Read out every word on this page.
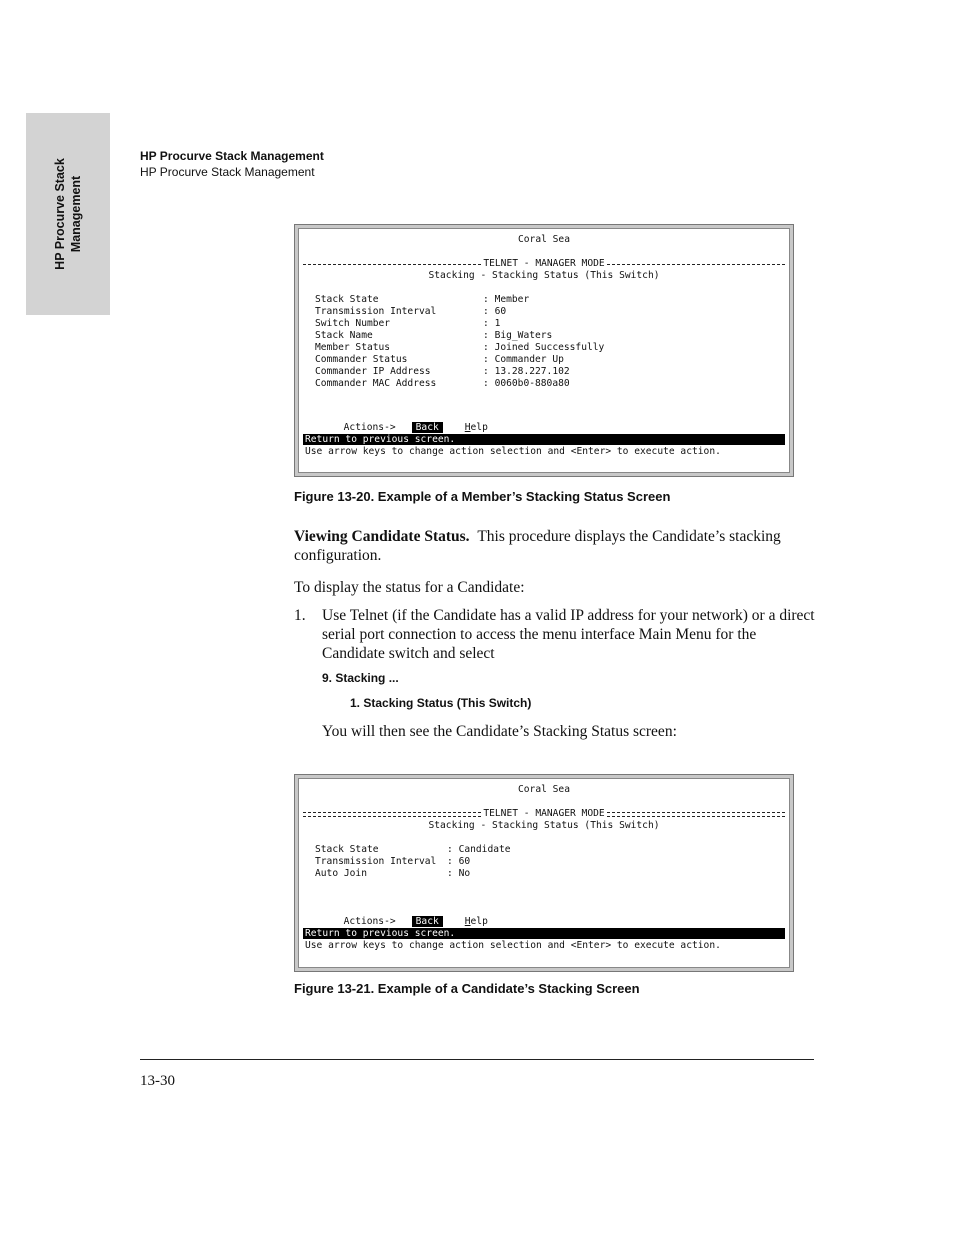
HP Procurve Stack Management
HP Procurve Stack Management
HP Procurve Stack Management
Coral Sea
TELNET - MANAGER MODE
Stacking - Stacking Status (This Switch)
Stack State	: Member
Transmission Interval	: 60
Switch Number	: 1
Stack Name	: Big_Waters
Member Status	: Joined Successfully
Commander Status	: Commander Up
Commander IP Address	: 13.28.227.102
Commander MAC Address	: 0060b0-880a80

Actions-> Back	Help

Return to previous screen.
Use arrow keys to change action selection and <Enter> to execute action.
Figure 13-20. Example of a Member’s Stacking Status Screen

Viewing Candidate Status. This procedure displays the Candidate’s stacking configuration.

To display the status for a Candidate:

1. Use Telnet (if the Candidate has a valid IP address for your network) or a direct serial port connection to access the menu interface Main Menu for the Candidate switch and select

9. Stacking ...
1. Stacking Status (This Switch)

You will then see the Candidate’s Stacking Status screen:

Coral Sea
TELNET - MANAGER MODE
Stacking - Stacking Status (This Switch)
Stack State	: Candidate
Transmission Interval : 60
Auto Join	: No

Actions-> Back	Help

Return to previous screen.
Use arrow keys to change action selection and <Enter> to execute action.
Figure 13-21. Example of a Candidate’s Stacking Screen
13-30
